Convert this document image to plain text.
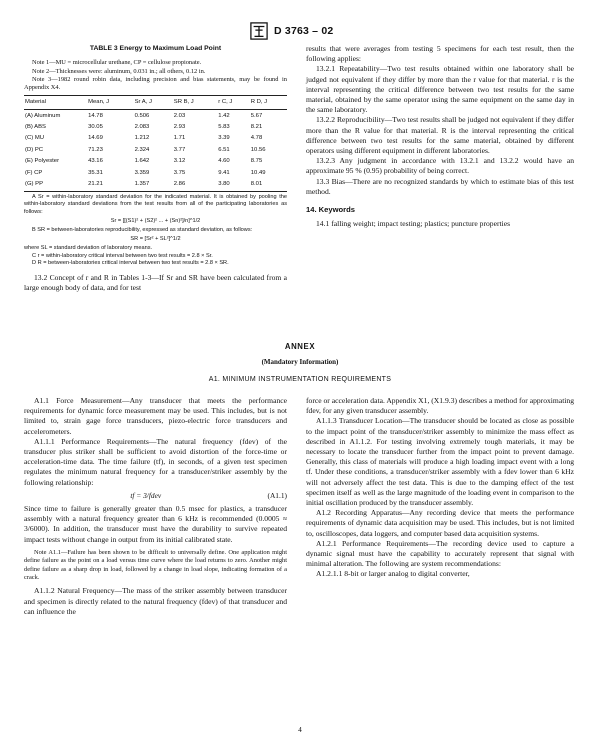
D 3763 – 02
TABLE 3 Energy to Maximum Load Point
Note 1—MU = microcellular urethane, CP = cellulose propionate.
Note 2—Thicknesses were: aluminum, 0.031 in.; all others, 0.12 in.
Note 3—1982 round robin data, including precision and bias statements, may be found in Appendix X4.
Material	Mean, J	Sr A, J	SR B, J	r C, J	R D, J
(A) Aluminum	14.78	0.506	2.03	1.42	5.67
(B) ABS	30.05	2.083	2.93	5.83	8.21
(C) MU	14.69	1.212	1.71	3.39	4.78
(D) PC	71.23	2.324	3.77	6.51	10.56
(E) Polyester	43.16	1.642	3.12	4.60	8.75
(F) CP	35.31	3.359	3.75	9.41	10.49
(G) PP	21.21	1.357	2.86	3.80	8.01
A Sr = within-laboratory standard deviation for the indicated material. It is obtained by pooling the within-laboratory standard deviations from the test results from all of the participating laboratories as follows:
Sr = [[(S1)² + (S2)² ... + (Sn)²]/n]^1/2
B SR = between-laboratories reproducibility, expressed as standard deviation, as follows:
SR = [Sr² + SL²]^1/2
where SL = standard deviation of laboratory means.
C r = within-laboratory critical interval between two test results = 2.8 × Sr.
D R = between-laboratories critical interval between two test results = 2.8 × SR.

13.2 Concept of r and R in Tables 1-3—If Sr and SR have been calculated from a large enough body of data, and for test

results that were averages from testing 5 specimens for each test result, then the following applies:

13.2.1 Repeatability—Two test results obtained within one laboratory shall be judged not equivalent if they differ by more than the r value for that material. r is the interval representing the critical difference between two test results for the same material, obtained by the same operator using the same equipment on the same day in the same laboratory.

13.2.2 Reproducibility—Two test results shall be judged not equivalent if they differ more than the R value for that material. R is the interval representing the critical difference between two test results for the same material, obtained by different operators using different equipment in different laboratories.

13.2.3 Any judgment in accordance with 13.2.1 and 13.2.2 would have an approximate 95 % (0.95) probability of being correct.

13.3 Bias—There are no recognized standards by which to estimate bias of this test method.

14. Keywords

14.1 falling weight; impact testing; plastics; puncture properties

ANNEX
(Mandatory Information)
A1. MINIMUM INSTRUMENTATION REQUIREMENTS

A1.1 Force Measurement—Any transducer that meets the performance requirements for dynamic force measurement may be used. This includes, but is not limited to, strain gage force transducers, piezo-electric force transducers and accelerometers.

A1.1.1 Performance Requirements—The natural frequency (fdev) of the transducer plus striker shall be sufficient to avoid distortion of the force-time or acceleration-time data. The time failure (tf), in seconds, of a given test specimen regulates the minimum natural frequency for a transducer/striker assembly by the following relationship:

tf = 3/fdev	(A1.1)

Since time to failure is generally greater than 0.5 msec for plastics, a transducer assembly with a natural frequency greater than 6 kHz is recommended (0.0005 ≈ 3/6000). In addition, the transducer must have the durability to survive repeated impact tests without change in output from its initial calibrated state.

Note A1.1—Failure has been shown to be difficult to universally define. One application might define failure as the point on a load versus time curve where the load returns to zero. Another might define failure as a sharp drop in load, followed by a change in load slope, indicating formation of a crack.

A1.1.2 Natural Frequency—The mass of the striker assembly between transducer and specimen is directly related to the natural frequency (fdev) of that transducer and can influence the

force or acceleration data. Appendix X1, (X1.9.3) describes a method for approximating fdev, for any given transducer assembly.

A1.1.3 Transducer Location—The transducer should be located as close as possible to the impact point of the transducer/striker assembly to minimize the mass effect as described in A1.1.2. For testing involving extremely tough materials, it may be necessary to locate the transducer further from the impact point to prevent damage. Generally, this class of materials will produce a high loading impact event with a long tf. Under these conditions, a transducer/striker assembly with a fdev lower than 6 kHz will not adversely affect the test data. This is due to the damping effect of the test specimen itself as well as the large magnitude of the loading event in comparison to the initial oscillation produced by the transducer assembly.

A1.2 Recording Apparatus—Any recording device that meets the performance requirements of dynamic data acquisition may be used. This includes, but is not limited to, oscilloscopes, data loggers, and computer based data acquisition systems.

A1.2.1 Performance Requirements—The recording device used to capture a dynamic signal must have the capability to accurately represent that signal with minimal alteration. The following are system recommendations:

A1.2.1.1 8-bit or larger analog to digital converter,

4
